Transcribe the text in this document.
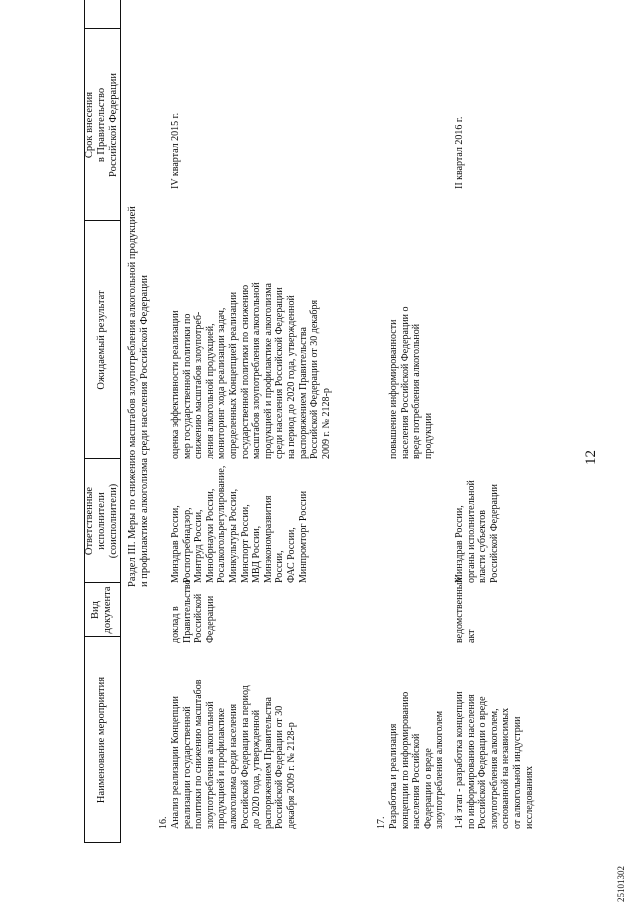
12
25101302
Наименование мероприятия
Вид
документа
Ответственные
исполнители
(соисполнители)
Ожидаемый результат
Срок внесения
в Правительство
Российской Федерации
Раздел III. Меры по снижению масштабов злоупотребления алкогольной продукцией
и профилактике алкоголизма среди населения Российской Федерации
16. Анализ реализации Концепции
реализации государственной
политики по снижению масштабов
злоупотребления алкогольной
продукцией и профилактике
алкоголизма среди населения
Российской Федерации на период
до 2020 года, утвержденной
распоряжением Правительства
Российской Федерации от 30
декабря 2009 г. № 2128-р
доклад в
Правительство
Российской
Федерации
Минздрав России,
Роспотребнадзор,
Минтруд России,
Минобрнауки России,
Росалкогольрегулирование,
Минкультуры России,
Минспорт России,
МВД России,
Минэкономразвития
России,
ФАС России,
Минпромторг России
оценка эффективности реализации
мер государственной политики по
снижению масштабов злоупотреб-
ления алкогольной продукцией,
мониторинг хода реализации задач,
определенных Концепцией реализации
государственной политики по снижению
масштабов злоупотребления алкогольной
продукцией и профилактике алкоголизма
среди населения Российской Федерации
на период до 2020 года, утвержденной
распоряжением Правительства
Российской Федерации от 30 декабря
2009 г. № 2128-р
IV квартал 2015 г.
17. Разработка и реализация
концепции по информированию
населения Российской
Федерации о вреде
злоупотребления алкоголем
повышение информированности
населения Российской Федерации о
вреде потребления алкогольной
продукции
1-й этап - разработка концепции
по информированию населения
Российской Федерации о вреде
злоупотребления алкоголем,
основанной на независимых
от алкогольной индустрии
исследованиях
ведомственный
акт
Минздрав России,
органы исполнительной
власти субъектов
Российской Федерации
II квартал 2016 г.
